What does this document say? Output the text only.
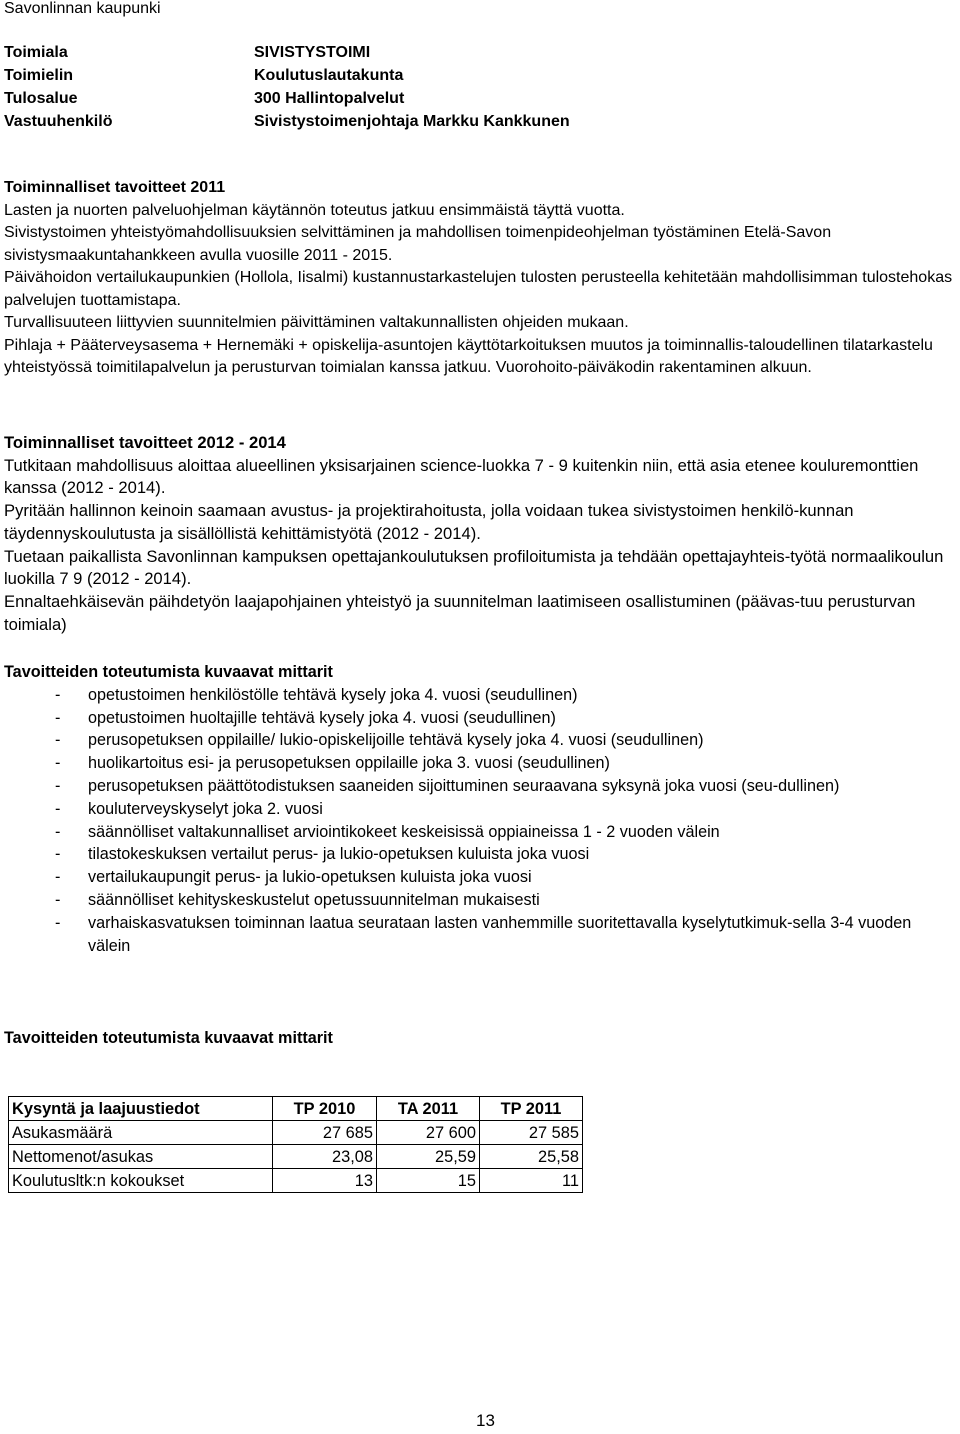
Savonlinnan kaupunki
Toimiala	SIVISTYSTOIMI
Toimielin	Koulutuslautakunta
Tulosalue	300 Hallintopalvelut
Vastuuhenkilö	Sivistystoimenjohtaja Markku Kankkunen
Toiminnalliset tavoitteet 2011

Lasten ja nuorten palveluohjelman käytännön toteutus jatkuu ensimmäistä täyttä vuotta.

Sivistystoimen yhteistyömahdollisuuksien selvittäminen ja mahdollisen toimenpideohjelman työstäminen Etelä-Savon sivistysmaakuntahankkeen avulla vuosille 2011 - 2015.

Päivähoidon vertailukaupunkien (Hollola, Iisalmi) kustannustarkastelujen tulosten perusteella kehitetään mahdollisimman tulostehokas palvelujen tuottamistapa.

Turvallisuuteen liittyvien suunnitelmien päivittäminen valtakunnallisten ohjeiden mukaan.

Pihlaja + Pääterveysasema + Hernemäki + opiskelija-asuntojen käyttötarkoituksen muutos ja toiminnallis-taloudellinen tilatarkastelu yhteistyössä toimitilapalvelun ja perusturvan toimialan kanssa jatkuu. Vuorohoito-päiväkodin rakentaminen alkuun.

Toiminnalliset tavoitteet 2012 - 2014

Tutkitaan mahdollisuus aloittaa alueellinen yksisarjainen science-luokka 7 - 9 kuitenkin niin, että asia etenee kouluremonttien kanssa (2012 - 2014).

Pyritään hallinnon keinoin saamaan avustus- ja projektirahoitusta, jolla voidaan tukea sivistystoimen henkilö-kunnan täydennyskoulutusta ja sisällöllistä kehittämistyötä (2012 - 2014).

Tuetaan paikallista Savonlinnan kampuksen opettajankoulutuksen profiloitumista ja tehdään opettajayhteis-työtä normaalikoulun luokilla 7 9 (2012 - 2014).

Ennaltaehkäisevän päihdetyön laajapohjainen yhteistyö ja suunnitelman laatimiseen osallistuminen (päävas-tuu perusturvan toimiala)

Tavoitteiden toteutumista kuvaavat mittarit
- opetustoimen henkilöstölle tehtävä kysely joka 4. vuosi (seudullinen)
- opetustoimen huoltajille tehtävä kysely joka 4. vuosi (seudullinen)
- perusopetuksen oppilaille/ lukio-opiskelijoille tehtävä kysely joka 4. vuosi (seudullinen)
- huolikartoitus esi- ja perusopetuksen oppilaille joka 3. vuosi (seudullinen)
- perusopetuksen päättötodistuksen saaneiden sijoittuminen seuraavana syksynä joka vuosi (seu-dullinen)
- kouluterveyskyselyt joka 2. vuosi
- säännölliset valtakunnalliset arviointikokeet keskeisissä oppiaineissa 1 - 2 vuoden välein
- tilastokeskuksen vertailut perus- ja lukio-opetuksen kuluista joka vuosi
- vertailukaupungit perus- ja lukio-opetuksen kuluista joka vuosi
- säännölliset kehityskeskustelut opetussuunnitelman mukaisesti
- varhaiskasvatuksen toiminnan laatua seurataan lasten vanhemmille suoritettavalla kyselytutkimuk-sella 3-4 vuoden välein
Tavoitteiden toteutumista kuvaavat mittarit
Kysyntä ja laajuustiedot	TP 2010	TA 2011	TP 2011
Asukasmäärä	27 685	27 600	27 585
Nettomenot/asukas	23,08	25,59	25,58
Koulutusltk:n kokoukset	13	15	11
13
